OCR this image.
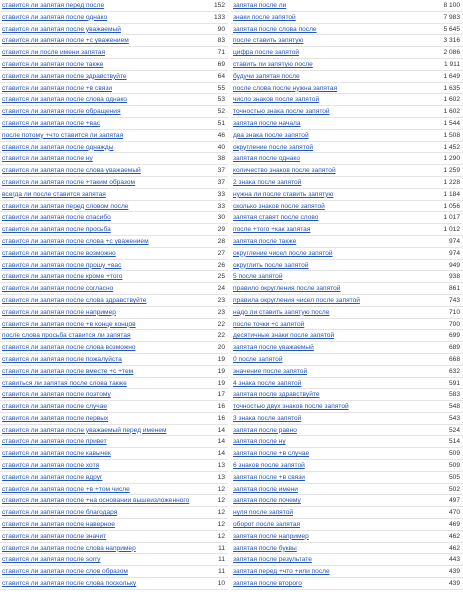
ставится ли запятая перед после	152
ставится ли запятая после однако	133
ставится ли запятая после уважаемый	90
ставится ли запятая после +с уважением	83
ставится ли после имени запятая	71
ставится ли запятая после также	69
ставится ли запятая после здравствуйте	64
ставится ли запятая после +в связи	55
ставится ли запятая после слова однако	53
ставится ли запятая после обращения	52
ставится ли запятая после +вас	51
после потому +что ставится ли запятая	46
ставится ли запятая после однажды	40
ставится ли запятая после ну	38
ставится ли запятая после слова уважаемый	37
ставится ли запятая после +таким образом	37
всегда ли после ставится запятая	33
ставится ли запятая перед словом после	33
ставится ли запятая после спасибо	30
ставится ли запятая после просьба	29
ставится ли запятая после слова +с уважением	28
ставится ли запятая после возможно	27
ставится ли запятая после прошу +вас	26
ставится ли запятая после кроме +того	25
ставится ли запятая после согласно	24
ставится ли запятая после слова здравствуйте	23
ставится ли запятая после например	23
ставится ли запятая после +в конце концов	22
после слова просьба ставится ли запятая	22
ставится ли запятая после слова возможно	20
ставится ли запятая после пожалуйста	19
ставится ли запятая после вместе +с +тем	19
ставиться ли запятая после слова также	19
ставится ли запятая после поэтому	17
ставится ли запятая после случае	16
ставится ли запятая после первых	16
ставится ли запятая после уважаемый перед именем	14
ставится ли запятая после привет	14
ставится ли запятая после кавычек	14
ставится ли запятая после хотя	13
ставится ли запятая после вдруг	13
ставится ли запятая после +в +том числе	12
ставится ли запятая после +на основании вышеизложенного	12
ставится ли запятая после благодаря	12
ставится ли запятая после наверное	12
ставится ли запятая после значит	12
ставится ли запятая после слова например	11
ставится ли запятая после sorry	11
ставится ли запятая после слов образом	11
ставится ли запятая после слова поскольку	10
запятая после ли	8 100
знаки после запятой	7 983
запятая после слова после	5 645
после ставить запятую	3 316
цифра после запятой	2 086
ставить ли запятую после	1 911
будучи запятая после	1 649
после слова после нужна запятая	1 635
число знаков после запятой	1 602
точностью знака после запятой	1 602
запятая после начала	1 544
два знака после запятой	1 508
округление после запятой	1 452
запятая после однако	1 290
количество знаков после запятой	1 259
2 знака после запятой	1 228
нужна ли после ставить запятую	1 184
сколько знаков после запятой	1 056
запятая ставят после слово	1 017
после +того +как запятая	1 012
запятая после также	974
округление чисел после запятой	974
округлить после запятой	949
5 после запятой	938
правило округления после запятой	861
правила округления чисел после запятой	743
надо ли ставить запятую после	710
после точки +с запятой	700
десятичные знаки после запятой	699
запятая после уважаемый	689
0 после запятой	668
значение после запятой	632
4 знака после запятой	591
запятая после здравствуйте	583
точностью двух знаков после запятой	548
3 знака после запятой	543
запятая после равно	524
запятая после ну	514
запятая после +в случае	509
6 знаков после запятой	509
запятая после +в связи	505
запятая после имени	502
запятая после почему	497
нуля после запятой	470
оборот после запятая	469
запятая после например	462
запятая после буквы	462
запятая после результате	443
запятая перед +что +или после	439
запятая после второго	439
